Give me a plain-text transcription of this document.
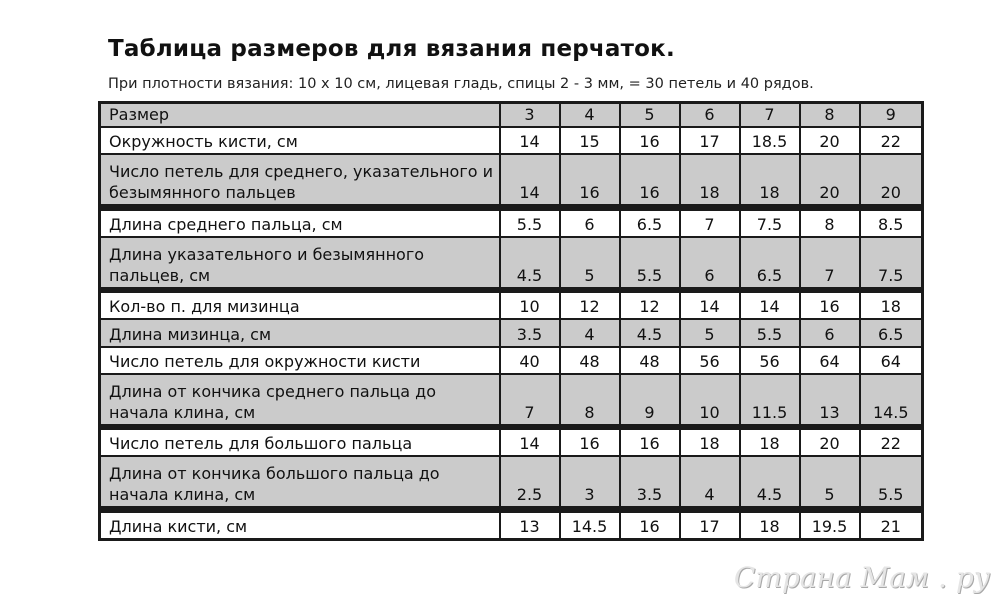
Таблица размеров для вязания перчаток.
При плотности вязания: 10 х 10 см, лицевая гладь, спицы 2 - 3 мм, = 30 петель и 40 рядов.
Размер	3	4	5	6	7	8	9
Окружность кисти, см	14	15	16	17	18.5	20	22
Число петель для среднего, указательного и безымянного пальцев	14	16	16	18	18	20	20

Длина среднего пальца, см	5.5	6	6.5	7	7.5	8	8.5
Длина указательного и безымянного пальцев, см	4.5	5	5.5	6	6.5	7	7.5

Кол-во п. для мизинца	10	12	12	14	14	16	18
Длина мизинца, см	3.5	4	4.5	5	5.5	6	6.5
Число петель для окружности кисти	40	48	48	56	56	64	64
Длина от кончика среднего пальца до начала клина, см	7	8	9	10	11.5	13	14.5

Число петель для большого пальца	14	16	16	18	18	20	22
Длина от кончика большого пальца до начала клина, см	2.5	3	3.5	4	4.5	5	5.5

Длина кисти, см	13	14.5	16	17	18	19.5	21
Страна Мам . ру
